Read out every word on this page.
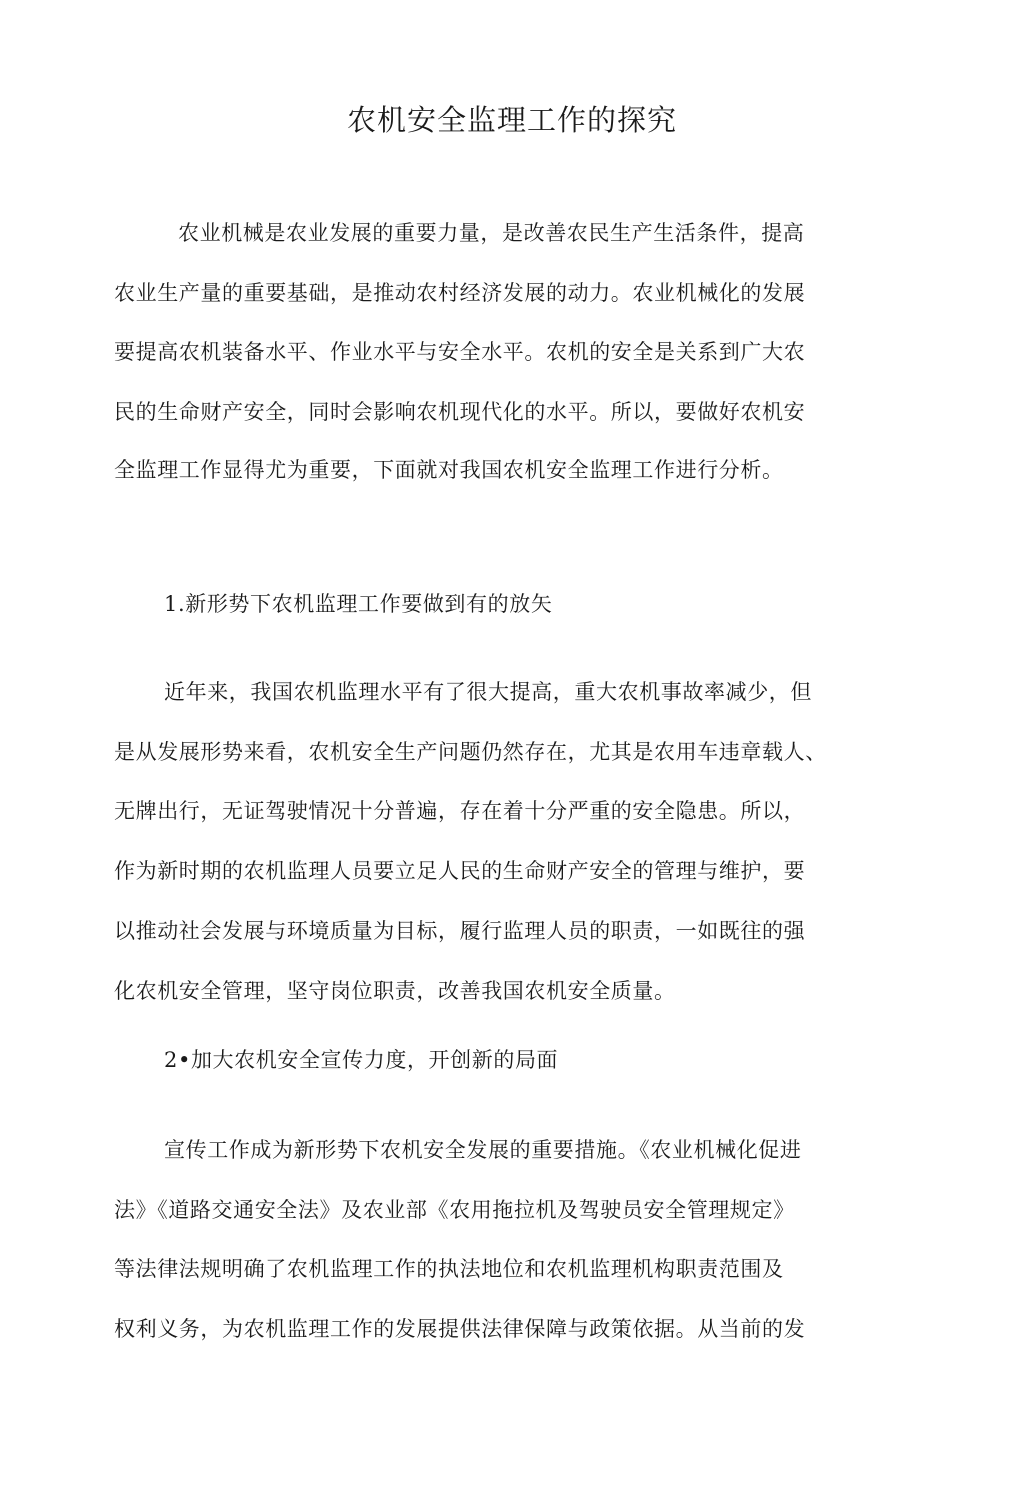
农机安全监理工作的探究
农业机械是农业发展的重要力量，是改善农民生产生活条件，提高
农业生产量的重要基础，是推动农村经济发展的动力。农业机械化的发展
要提高农机装备水平、作业水平与安全水平。农机的安全是关系到广大农
民的生命财产安全，同时会影响农机现代化的水平。所以，要做好农机安
全监理工作显得尤为重要，下面就对我国农机安全监理工作进行分析。
1.新形势下农机监理工作要做到有的放矢
近年来，我国农机监理水平有了很大提高，重大农机事故率减少，但
是从发展形势来看，农机安全生产问题仍然存在，尤其是农用车违章载人、
无牌出行，无证驾驶情况十分普遍，存在着十分严重的安全隐患。所以，
作为新时期的农机监理人员要立足人民的生命财产安全的管理与维护，要
以推动社会发展与环境质量为目标，履行监理人员的职责，一如既往的强
化农机安全管理，坚守岗位职责，改善我国农机安全质量。
2•加大农机安全宣传力度，开创新的局面
宣传工作成为新形势下农机安全发展的重要措施。《农业机械化促进
法》《道路交通安全法》及农业部《农用拖拉机及驾驶员安全管理规定》
等法律法规明确了农机监理工作的执法地位和农机监理机构职责范围及
权利义务，为农机监理工作的发展提供法律保障与政策依据。从当前的发
